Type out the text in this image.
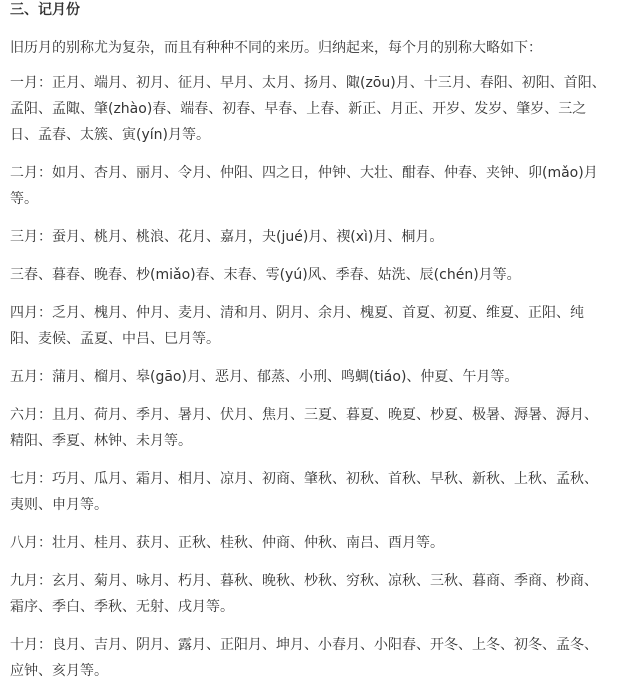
三、记月份

旧历月的别称尤为复杂，而且有种种不同的来历。归纳起来，每个月的别称大略如下：

一月：正月、端月、初月、征月、早月、太月、扬月、陬(zōu)月、十三月、春阳、初阳、首阳、孟阳、孟陬、肇(zhào)春、端春、初春、早春、上春、新正、月正、开岁、发岁、肇岁、三之日、孟春、太簇、寅(yín)月等。

二月：如月、杏月、丽月、令月、仲阳、四之日，仲钟、大壮、酣春、仲春、夹钟、卯(mǎo)月等。

三月：蚕月、桃月、桃浪、花月、嘉月，夬(jué)月、禊(xì)月、桐月。

三春、暮春、晚春、杪(miǎo)春、末春、雩(yú)风、季春、姑洗、辰(chén)月等。

四月：乏月、槐月、仲月、麦月、清和月、阴月、余月、槐夏、首夏、初夏、维夏、正阳、纯阳、麦候、孟夏、中吕、巳月等。

五月：蒲月、榴月、皋(gāo)月、恶月、郁蒸、小刑、鸣蜩(tiáo)、仲夏、午月等。

六月：且月、荷月、季月、暑月、伏月、焦月、三夏、暮夏、晚夏、杪夏、极暑、溽暑、溽月、精阳、季夏、林钟、未月等。

七月：巧月、瓜月、霜月、相月、凉月、初商、肇秋、初秋、首秋、早秋、新秋、上秋、孟秋、夷则、申月等。

八月：壮月、桂月、获月、正秋、桂秋、仲商、仲秋、南吕、酉月等。

九月：玄月、菊月、咏月、朽月、暮秋、晚秋、杪秋、穷秋、凉秋、三秋、暮商、季商、杪商、霜序、季白、季秋、无射、戌月等。

十月：良月、吉月、阴月、露月、正阳月、坤月、小春月、小阳春、开冬、上冬、初冬、孟冬、应钟、亥月等。
